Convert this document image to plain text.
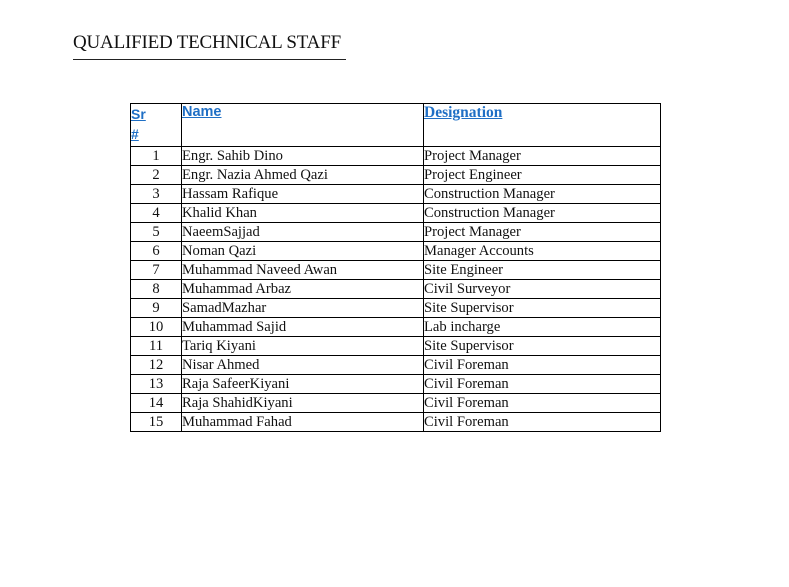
QUALIFIED TECHNICAL STAFF
Sr
#	Name	Designation
1	Engr. Sahib Dino	Project Manager
2	Engr. Nazia Ahmed Qazi	Project Engineer
3	Hassam Rafique	Construction Manager
4	Khalid Khan	Construction Manager
5	NaeemSajjad	Project Manager
6	Noman Qazi	Manager Accounts
7	Muhammad Naveed Awan	Site Engineer
8	Muhammad Arbaz	Civil Surveyor
9	SamadMazhar	Site Supervisor
10	Muhammad Sajid	Lab incharge
11	Tariq Kiyani	Site Supervisor
12	Nisar Ahmed	Civil Foreman
13	Raja SafeerKiyani	Civil Foreman
14	Raja ShahidKiyani	Civil Foreman
15	Muhammad Fahad	Civil Foreman
